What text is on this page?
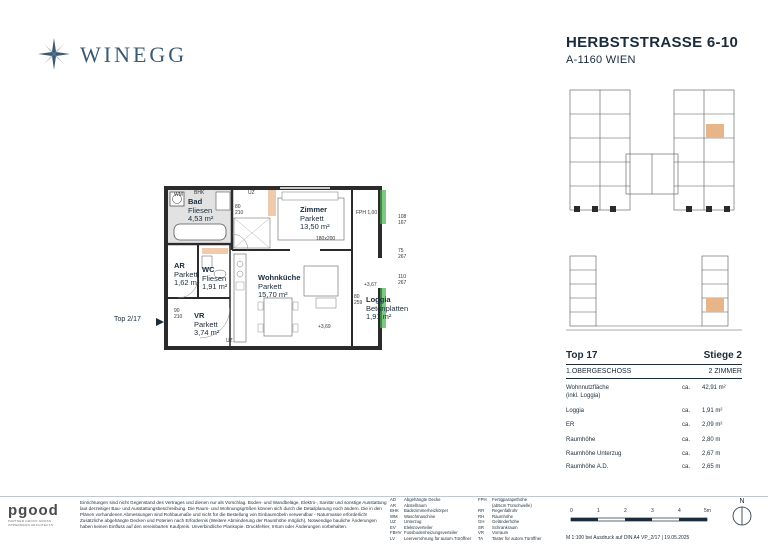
WINEGG	HERBSTSTRASSE 6-10
A-1160 WIEN
WM BHK	UZ
80
210
180x200
FPH 1,00
108
167
75
267
110
267
+3,67
+3,69
80
259
90
210
UZ
Bad
Fliesen
4,53 m²
Zimmer
Parkett
13,50 m²
Wohnküche
Parkett
15,70 m²
AR
Parkett
1,62 m²
WC
Fliesen
1,91 m²
VR
Parkett
3,74 m²
Loggia
Betonplatten
1,91 m²
Top 2/17
Top 17	Stiege 2
1.OBERGESCHOSS	2 ZIMMER
Wohnnutzfläche
(inkl. Loggia)
ca.	42,91 m²
Loggia	ca.	1,91 m²
ER	ca.	2,09 m²
Raumhöhe	ca.	2,80 m
Raumhöhe Unterzug	ca.	2,67 m
Raumhöhe A.D.	ca.	2,65 m
pgood
PARTNER GROUP GROSS OPPERMANN ARCHITECTS
Einrichtungen sind nicht Gegenstand des Vertrages und dienen nur als Vorschlag. Boden- und Wandbeläge, Elektro-, Sanitär und sonstige Ausstattung laut derzeitiger Bau- und Ausstattungsbeschreibung. Die Raum- und Wohnungsgrößen können sich durch die Detailplanung noch ändern. Die in den Plänen vorhandenen Abmessungen sind Rohbaumaße und nicht für die Bestellung von Einbaumöbeln verwendbar - Naturmasse erforderlich! Zusätzliche abgehängte Decken und Poterien nach Erfordernis (Weitere Abminderung der Raumhöhe möglich). Notwendige bauliche Änderungen haben keinen Einfluss auf den vereinbarten Kaufpreis. Unverbindliche Plankopie. Druckfehler, Irrtum oder Änderungen vorbehalten.
AD	Abgehängte Decke
AR	Abstellraum
BHK	Badezimmerheizkörper
WM	Waschmaschine
UZ	Unterzug
EV	Elektroverteiler
FBHV Fussbodenheizungsverteiler
LV	Leerverrohrung für autom.Türöffner
FPH	Fertigparapethöhe
(ab5cm Türschwelle)
RR	Regenfallrohr
RH	Raumhöhe
GH	Geländerhöhe
SR	Schrankraum
VR	Vorraum
TA	Taster für autom.Türöffner
0	1	2	3	4	5m
M 1:100 bei Ausdruck auf DIN A4 VP_2/17 | 19.05.2025
N
